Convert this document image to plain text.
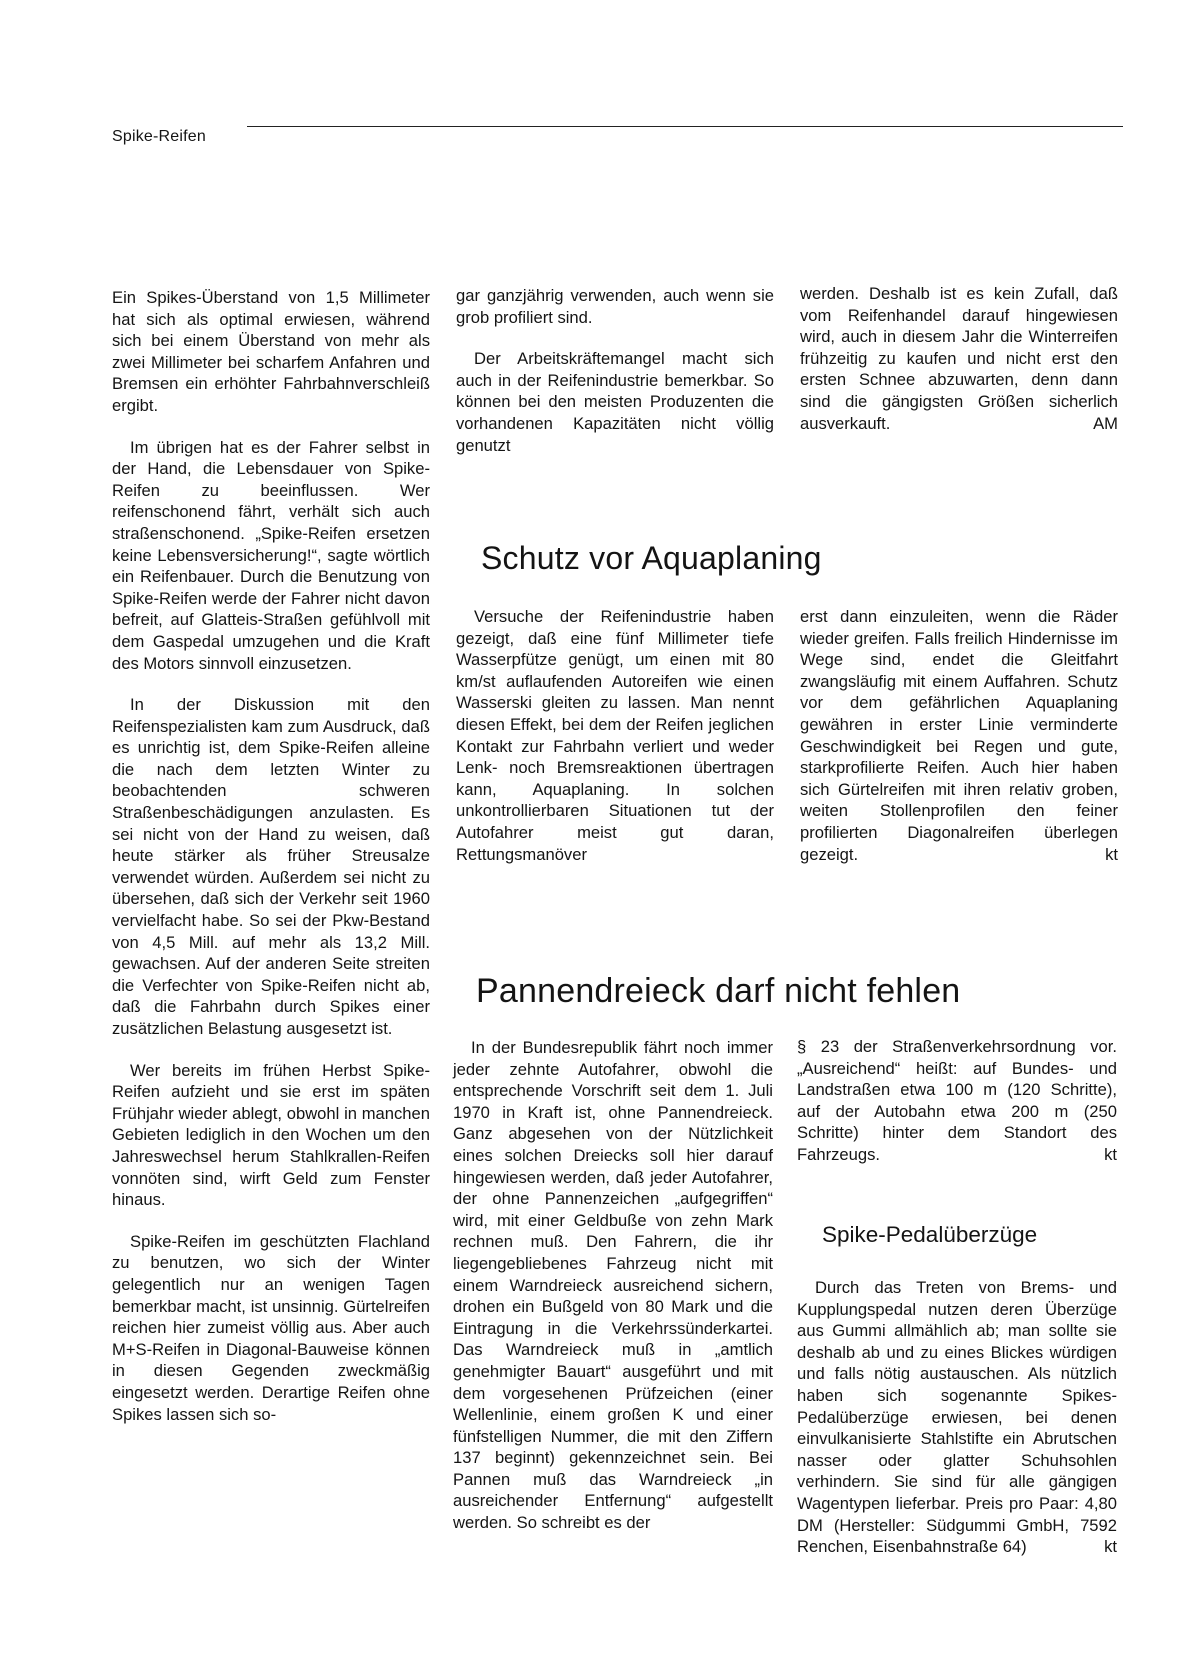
Spike-Reifen

Ein Spikes-Überstand von 1,5 Millimeter hat sich als optimal erwiesen, während sich bei einem Überstand von mehr als zwei Millimeter bei scharfem Anfahren und Bremsen ein erhöhter Fahrbahnverschleiß ergibt.

Im übrigen hat es der Fahrer selbst in der Hand, die Lebensdauer von Spike-Reifen zu beeinflussen. Wer reifenschonend fährt, verhält sich auch straßenschonend. „Spike-Reifen ersetzen keine Lebensversicherung!“, sagte wörtlich ein Reifenbauer. Durch die Benutzung von Spike-Reifen werde der Fahrer nicht davon befreit, auf Glatteis-Straßen gefühlvoll mit dem Gaspedal umzugehen und die Kraft des Motors sinnvoll einzusetzen.

In der Diskussion mit den Reifenspezialisten kam zum Ausdruck, daß es unrichtig ist, dem Spike-Reifen alleine die nach dem letzten Winter zu beobachtenden schweren Straßenbeschädigungen anzulasten. Es sei nicht von der Hand zu weisen, daß heute stärker als früher Streusalze verwendet würden. Außerdem sei nicht zu übersehen, daß sich der Verkehr seit 1960 vervielfacht habe. So sei der Pkw-Bestand von 4,5 Mill. auf mehr als 13,2 Mill. gewachsen. Auf der anderen Seite streiten die Verfechter von Spike-Reifen nicht ab, daß die Fahrbahn durch Spikes einer zusätzlichen Belastung ausgesetzt ist.

Wer bereits im frühen Herbst Spike-Reifen aufzieht und sie erst im späten Frühjahr wieder ablegt, obwohl in manchen Gebieten lediglich in den Wochen um den Jahreswechsel herum Stahlkrallen-Reifen vonnöten sind, wirft Geld zum Fenster hinaus.

Spike-Reifen im geschützten Flachland zu benutzen, wo sich der Winter gelegentlich nur an wenigen Tagen bemerkbar macht, ist unsinnig. Gürtelreifen reichen hier zumeist völlig aus. Aber auch M+S-Reifen in Diagonal-Bauweise können in diesen Gegenden zweckmäßig eingesetzt werden. Derartige Reifen ohne Spikes lassen sich so-

gar ganzjährig verwenden, auch wenn sie grob profiliert sind.

Der Arbeitskräftemangel macht sich auch in der Reifenindustrie bemerkbar. So können bei den meisten Produzenten die vorhandenen Kapazitäten nicht völlig genutzt

werden. Deshalb ist es kein Zufall, daß vom Reifenhandel darauf hingewiesen wird, auch in diesem Jahr die Winterreifen frühzeitig zu kaufen und nicht erst den ersten Schnee abzuwarten, denn dann sind die gängigsten Größen sicherlich ausverkauft.	AM

Schutz vor Aquaplaning

Versuche der Reifenindustrie haben gezeigt, daß eine fünf Millimeter tiefe Wasserpfütze genügt, um einen mit 80 km/st auflaufenden Autoreifen wie einen Wasserski gleiten zu lassen. Man nennt diesen Effekt, bei dem der Reifen jeglichen Kontakt zur Fahrbahn verliert und weder Lenk- noch Bremsreaktionen übertragen kann, Aquaplaning. In solchen unkontrollierbaren Situationen tut der Autofahrer meist gut daran, Rettungsmanöver

erst dann einzuleiten, wenn die Räder wieder greifen. Falls freilich Hindernisse im Wege sind, endet die Gleitfahrt zwangsläufig mit einem Auffahren. Schutz vor dem gefährlichen Aquaplaning gewähren in erster Linie verminderte Geschwindigkeit bei Regen und gute, starkprofilierte Reifen. Auch hier haben sich Gürtelreifen mit ihren relativ groben, weiten Stollenprofilen den feiner profilierten Diagonalreifen überlegen gezeigt.	kt

Pannendreieck darf nicht fehlen

In der Bundesrepublik fährt noch immer jeder zehnte Autofahrer, obwohl die entsprechende Vorschrift seit dem 1. Juli 1970 in Kraft ist, ohne Pannendreieck. Ganz abgesehen von der Nützlichkeit eines solchen Dreiecks soll hier darauf hingewiesen werden, daß jeder Autofahrer, der ohne Pannenzeichen „aufgegriffen“ wird, mit einer Geldbuße von zehn Mark rechnen muß. Den Fahrern, die ihr liegengebliebenes Fahrzeug nicht mit einem Warndreieck ausreichend sichern, drohen ein Bußgeld von 80 Mark und die Eintragung in die Verkehrssünderkartei. Das Warndreieck muß in „amtlich genehmigter Bauart“ ausgeführt und mit dem vorgesehenen Prüfzeichen (einer Wellenlinie, einem großen K und einer fünfstelligen Nummer, die mit den Ziffern 137 beginnt) gekennzeichnet sein. Bei Pannen muß das Warndreieck „in ausreichender Entfernung“ aufgestellt werden. So schreibt es der

§ 23 der Straßenverkehrsordnung vor. „Ausreichend“ heißt: auf Bundes- und Landstraßen etwa 100 m (120 Schritte), auf der Autobahn etwa 200 m (250 Schritte) hinter dem Standort des Fahrzeugs.	kt

Spike-Pedalüberzüge

Durch das Treten von Brems- und Kupplungspedal nutzen deren Überzüge aus Gummi allmählich ab; man sollte sie deshalb ab und zu eines Blickes würdigen und falls nötig austauschen. Als nützlich haben sich sogenannte Spikes-Pedalüberzüge erwiesen, bei denen einvulkanisierte Stahlstifte ein Abrutschen nasser oder glatter Schuhsohlen verhindern. Sie sind für alle gängigen Wagentypen lieferbar. Preis pro Paar: 4,80 DM (Hersteller: Südgummi GmbH, 7592 Renchen, Eisenbahnstraße 64)	kt
